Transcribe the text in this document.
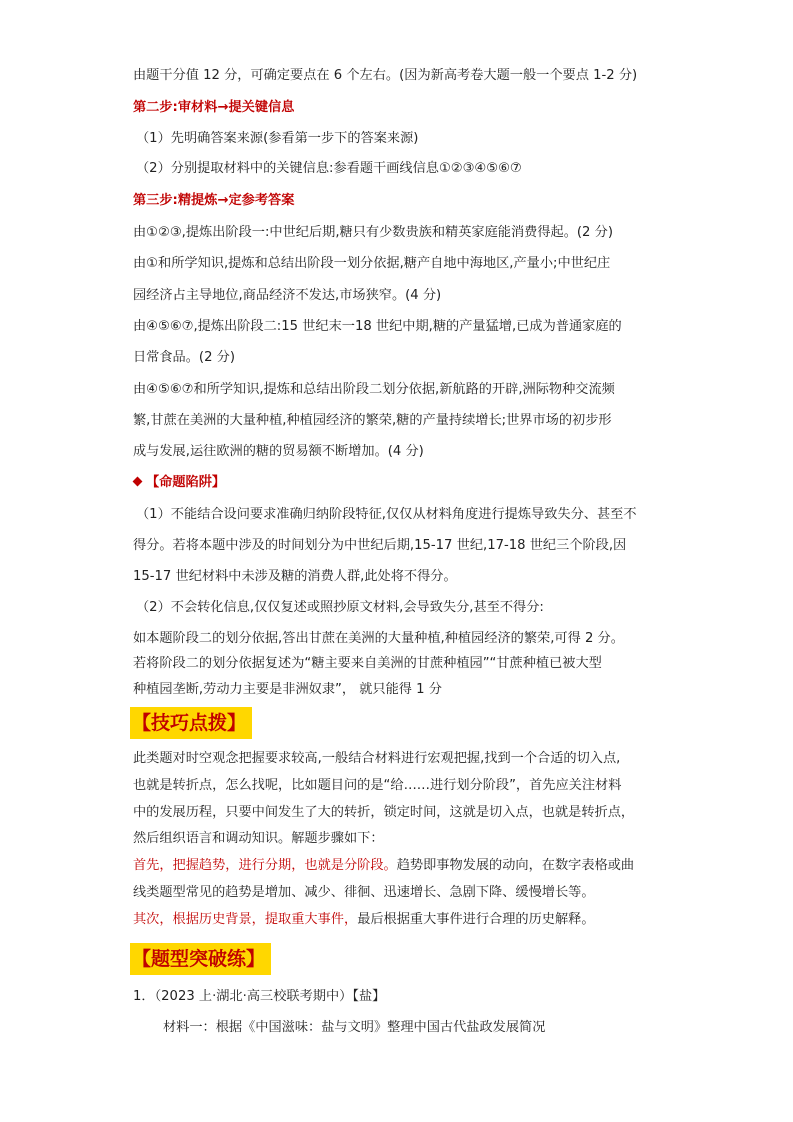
由题干分值 12 分，可确定要点在 6 个左右。(因为新高考卷大题一般一个要点 1-2 分)
第二步:审材料→提关键信息
（1）先明确答案来源(参看第一步下的答案来源)
（2）分别提取材料中的关键信息:参看题干画线信息①②③④⑤⑥⑦
第三步:精提炼→定参考答案
由①②③,提炼出阶段一:中世纪后期,糖只有少数贵族和精英家庭能消费得起。(2 分)
由①和所学知识,提炼和总结出阶段一划分依据,糖产自地中海地区,产量小;中世纪庄
园经济占主导地位,商品经济不发达,市场狭窄。(4 分)
由④⑤⑥⑦,提炼出阶段二:15 世纪末一18 世纪中期,糖的产量猛增,已成为普通家庭的
日常食品。(2 分)
由④⑤⑥⑦和所学知识,提炼和总结出阶段二划分依据,新航路的开辟,洲际物种交流频
繁,甘蔗在美洲的大量种植,种植园经济的繁荣,糖的产量持续增长;世界市场的初步形
成与发展,运往欧洲的糖的贸易额不断增加。(4 分)
【命题陷阱】
（1）不能结合设问要求准确归纳阶段特征,仅仅从材料角度进行提炼导致失分、甚至不
得分。若将本题中涉及的时间划分为中世纪后期,15-17 世纪,17-18 世纪三个阶段,因
15-17 世纪材料中未涉及糖的消费人群,此处将不得分。
（2）不会转化信息,仅仅复述或照抄原文材料,会导致失分,甚至不得分:
如本题阶段二的划分依据,答出甘蔗在美洲的大量种植,种植园经济的繁荣,可得 2 分。
若将阶段二的划分依据复述为“糖主要来自美洲的甘蔗种植园”“甘蔗种植已被大型
种植园垄断,劳动力主要是非洲奴隶”， 就只能得 1 分
【技巧点拨】
此类题对时空观念把握要求较高,一般结合材料进行宏观把握,找到一个合适的切入点,
也就是转折点，怎么找呢，比如题目问的是“给……进行划分阶段”，首先应关注材料
中的发展历程，只要中间发生了大的转折，锁定时间，这就是切入点，也就是转折点，
然后组织语言和调动知识。解题步骤如下：
首先，把握趋势，进行分期，也就是分阶段。趋势即事物发展的动向，在数字表格或曲
线类题型常见的趋势是增加、减少、徘徊、迅速增长、急剧下降、缓慢增长等。
其次，根据历史背景，提取重大事件，最后根据重大事件进行合理的历史解释。
【题型突破练】
1．（2023 上·湖北·高三校联考期中）【盐】
材料一：根据《中国滋味：盐与文明》整理中国古代盐政发展简况
